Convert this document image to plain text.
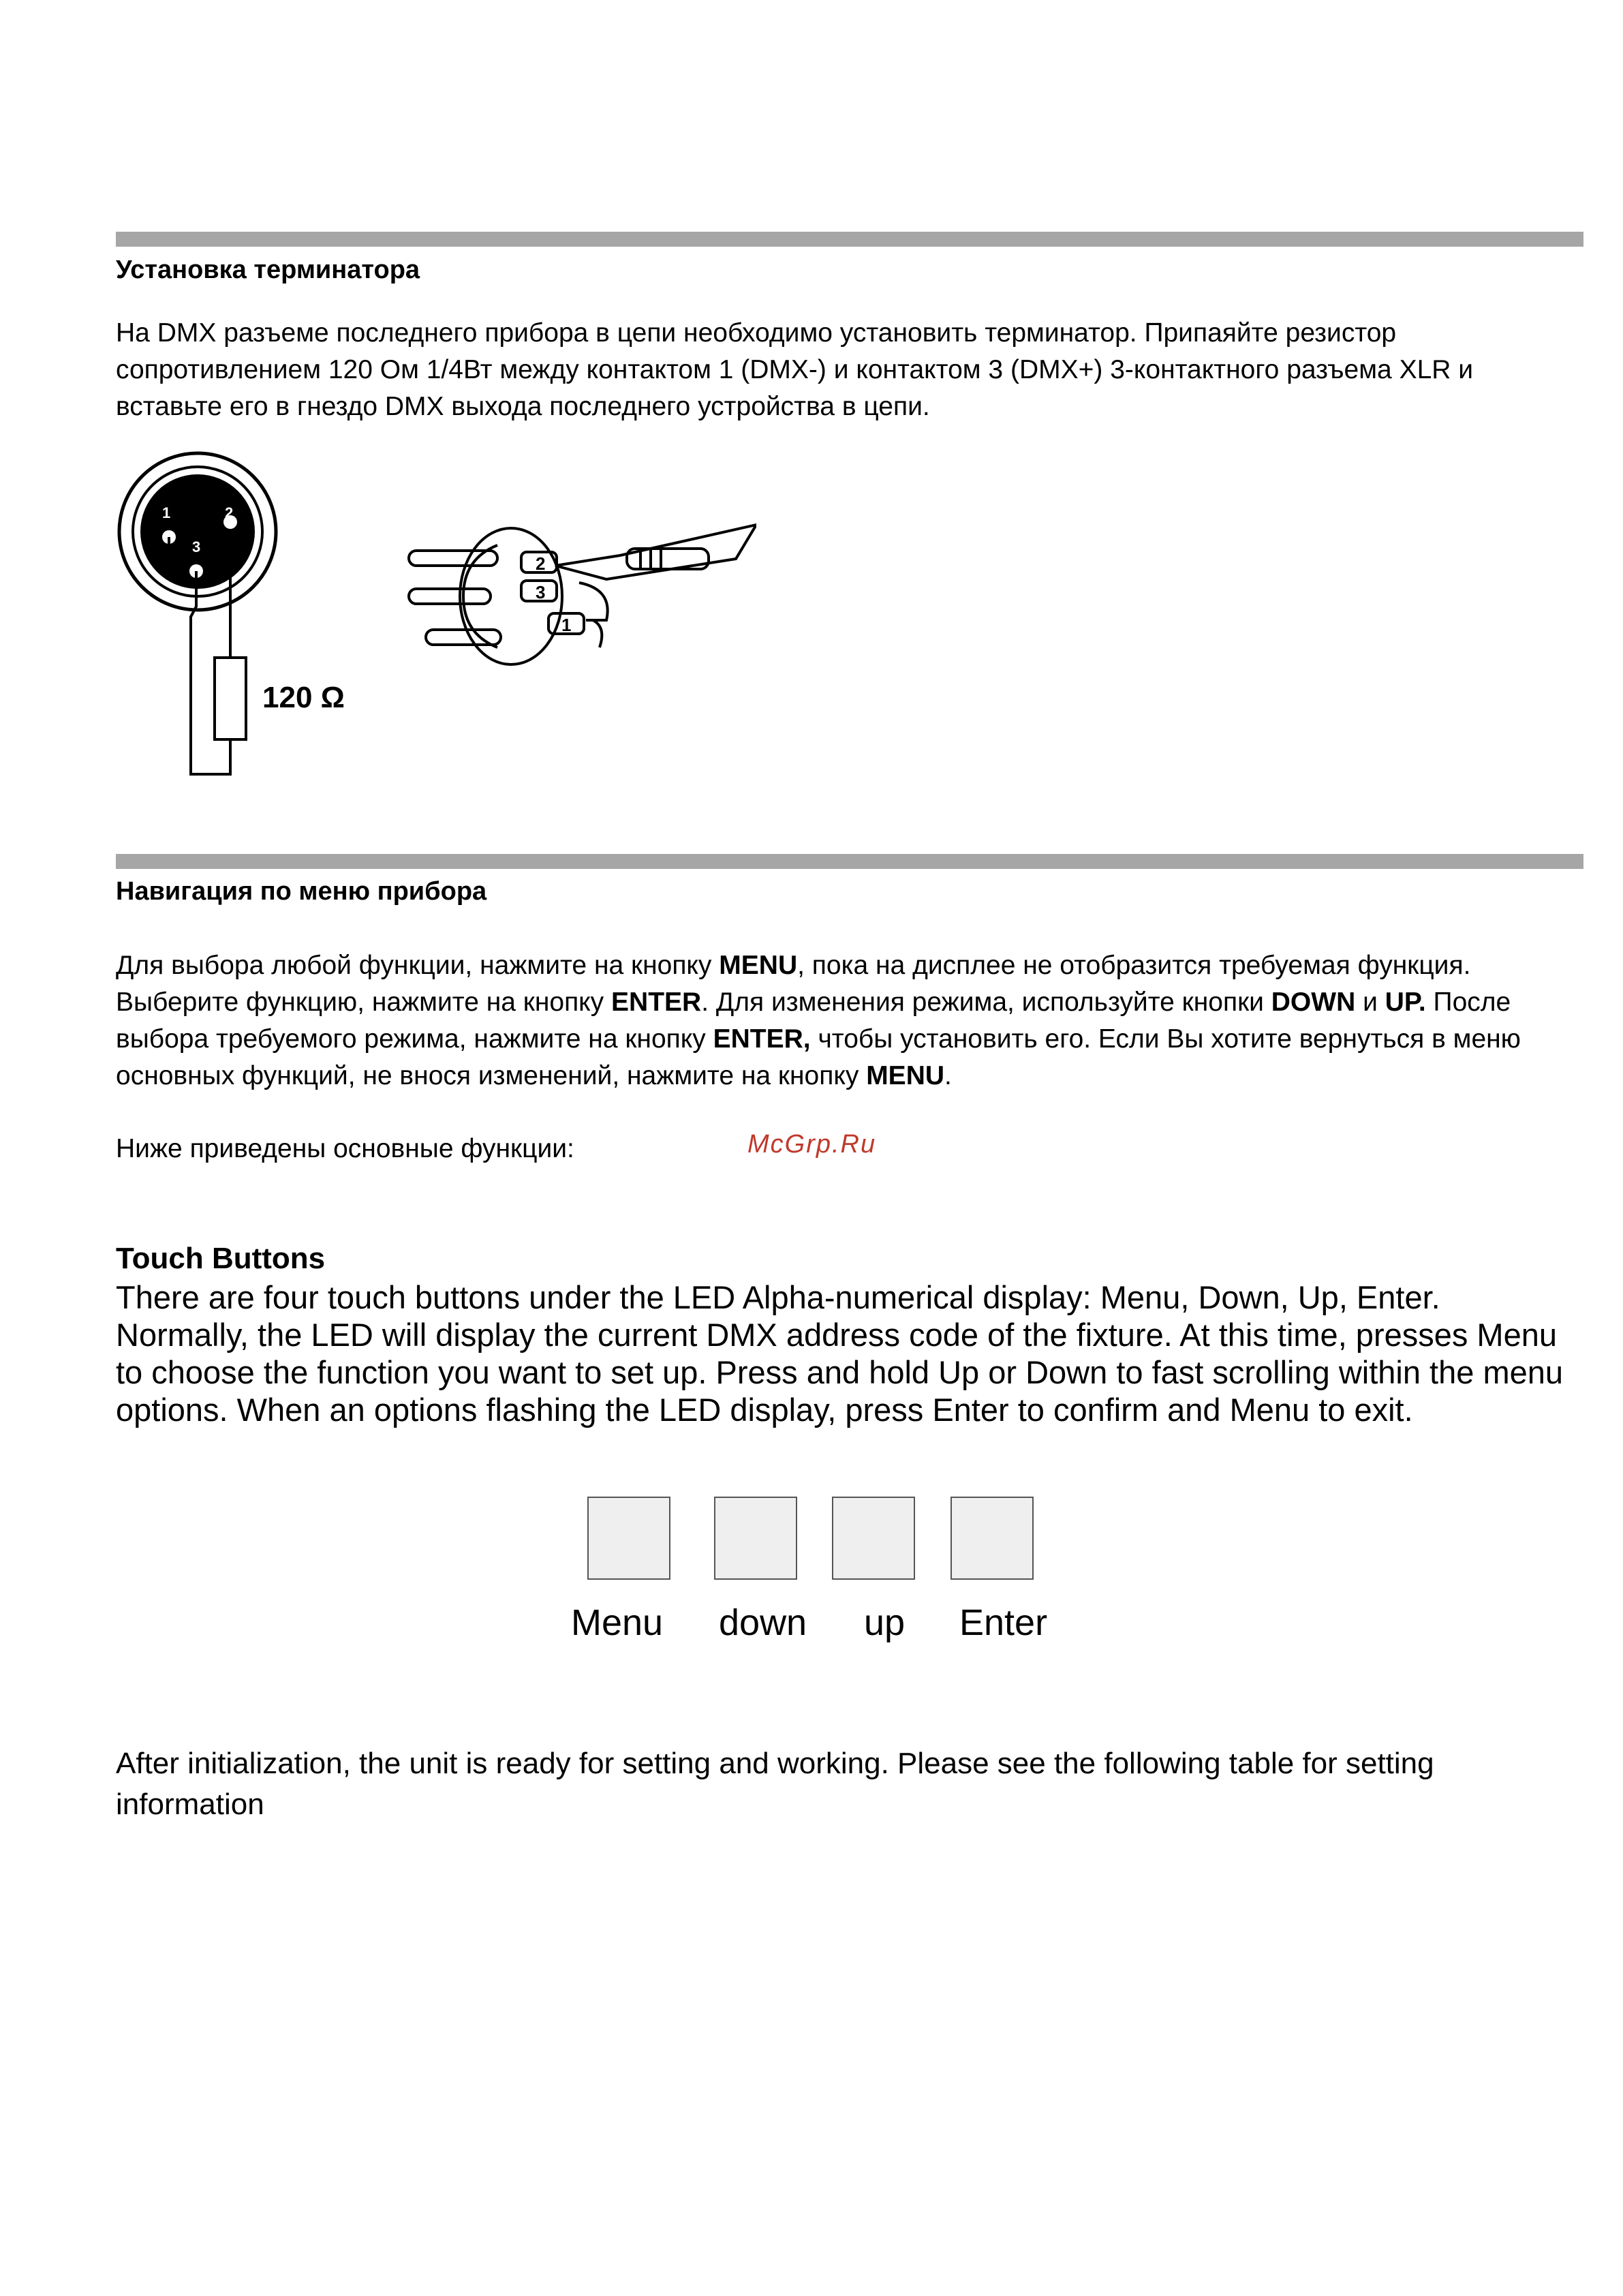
Установка терминатора
На DMX разъеме последнего прибора в цепи необходимо установить терминатор. Припаяйте резистор сопротивлением 120 Ом 1/4Вт между контактом 1 (DMX-) и контактом 3 (DMX+) 3-контактного разъема XLR и вставьте его в гнездо DMX выхода последнего устройства в цепи.
1	2
3
120 Ω
2
3
1
Навигация по меню прибора
Для выбора любой функции, нажмите на кнопку MENU, пока на дисплее не отобразится требуемая функция. Выберите функцию, нажмите на кнопку ENTER. Для изменения режима, используйте кнопки DOWN и UP. После выбора требуемого режима, нажмите на кнопку ENTER, чтобы установить его. Если Вы хотите вернуться в меню основных функций, не внося изменений, нажмите на кнопку MENU.
Ниже приведены основные функции:	McGrp.Ru
Touch Buttons
There are four touch buttons under the LED Alpha-numerical display: Menu, Down, Up, Enter. Normally, the LED will display the current DMX address code of the fixture. At this time, presses Menu to choose the function you want to set up. Press and hold Up or Down to fast scrolling within the menu options. When an options flashing the LED display, press Enter to confirm and Menu to exit.
Menu down up Enter
After initialization, the unit is ready for setting and working. Please see the following table for setting information
